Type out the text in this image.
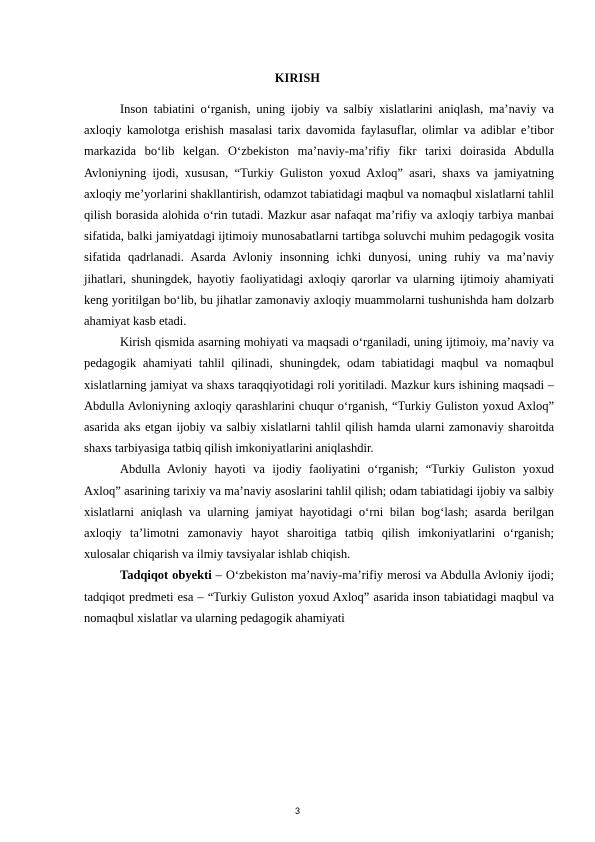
KIRISH

Inson tabiatini o‘rganish, uning ijobiy va salbiy xislatlarini aniqlash, ma’naviy va axloqiy kamolotga erishish masalasi tarix davomida faylasuflar, olimlar va adiblar e’tibor markazida bo‘lib kelgan. O‘zbekiston ma’naviy-ma’rifiy fikr tarixi doirasida Abdulla Avloniyning ijodi, xususan, “Turkiy Guliston yoxud Axloq” asari, shaxs va jamiyatning axloqiy me’yorlarini shakllantirish, odamzot tabiatidagi maqbul va nomaqbul xislatlarni tahlil qilish borasida alohida o‘rin tutadi. Mazkur asar nafaqat ma’rifiy va axloqiy tarbiya manbai sifatida, balki jamiyatdagi ijtimoiy munosabatlarni tartibga soluvchi muhim pedagogik vosita sifatida qadrlanadi. Asarda Avloniy insonning ichki dunyosi, uning ruhiy va ma’naviy jihatlari, shuningdek, hayotiy faoliyatidagi axloqiy qarorlar va ularning ijtimoiy ahamiyati keng yoritilgan bo‘lib, bu jihatlar zamonaviy axloqiy muammolarni tushunishda ham dolzarb ahamiyat kasb etadi.

Kirish qismida asarning mohiyati va maqsadi o‘rganiladi, uning ijtimoiy, ma’naviy va pedagogik ahamiyati tahlil qilinadi, shuningdek, odam tabiatidagi maqbul va nomaqbul xislatlarning jamiyat va shaxs taraqqiyotidagi roli yoritiladi. Mazkur kurs ishining maqsadi – Abdulla Avloniyning axloqiy qarashlarini chuqur o‘rganish, “Turkiy Guliston yoxud Axloq” asarida aks etgan ijobiy va salbiy xislatlarni tahlil qilish hamda ularni zamonaviy sharoitda shaxs tarbiyasiga tatbiq qilish imkoniyatlarini aniqlashdir.

Abdulla Avloniy hayoti va ijodiy faoliyatini o‘rganish; “Turkiy Guliston yoxud Axloq” asarining tarixiy va ma’naviy asoslarini tahlil qilish; odam tabiatidagi ijobiy va salbiy xislatlarni aniqlash va ularning jamiyat hayotidagi o‘rni bilan bog‘lash; asarda berilgan axloqiy ta’limotni zamonaviy hayot sharoitiga tatbiq qilish imkoniyatlarini o‘rganish; xulosalar chiqarish va ilmiy tavsiyalar ishlab chiqish.

Tadqiqot obyekti – O‘zbekiston ma’naviy-ma’rifiy merosi va Abdulla Avloniy ijodi; tadqiqot predmeti esa – “Turkiy Guliston yoxud Axloq” asarida inson tabiatidagi maqbul va nomaqbul xislatlar va ularning pedagogik ahamiyati

3
